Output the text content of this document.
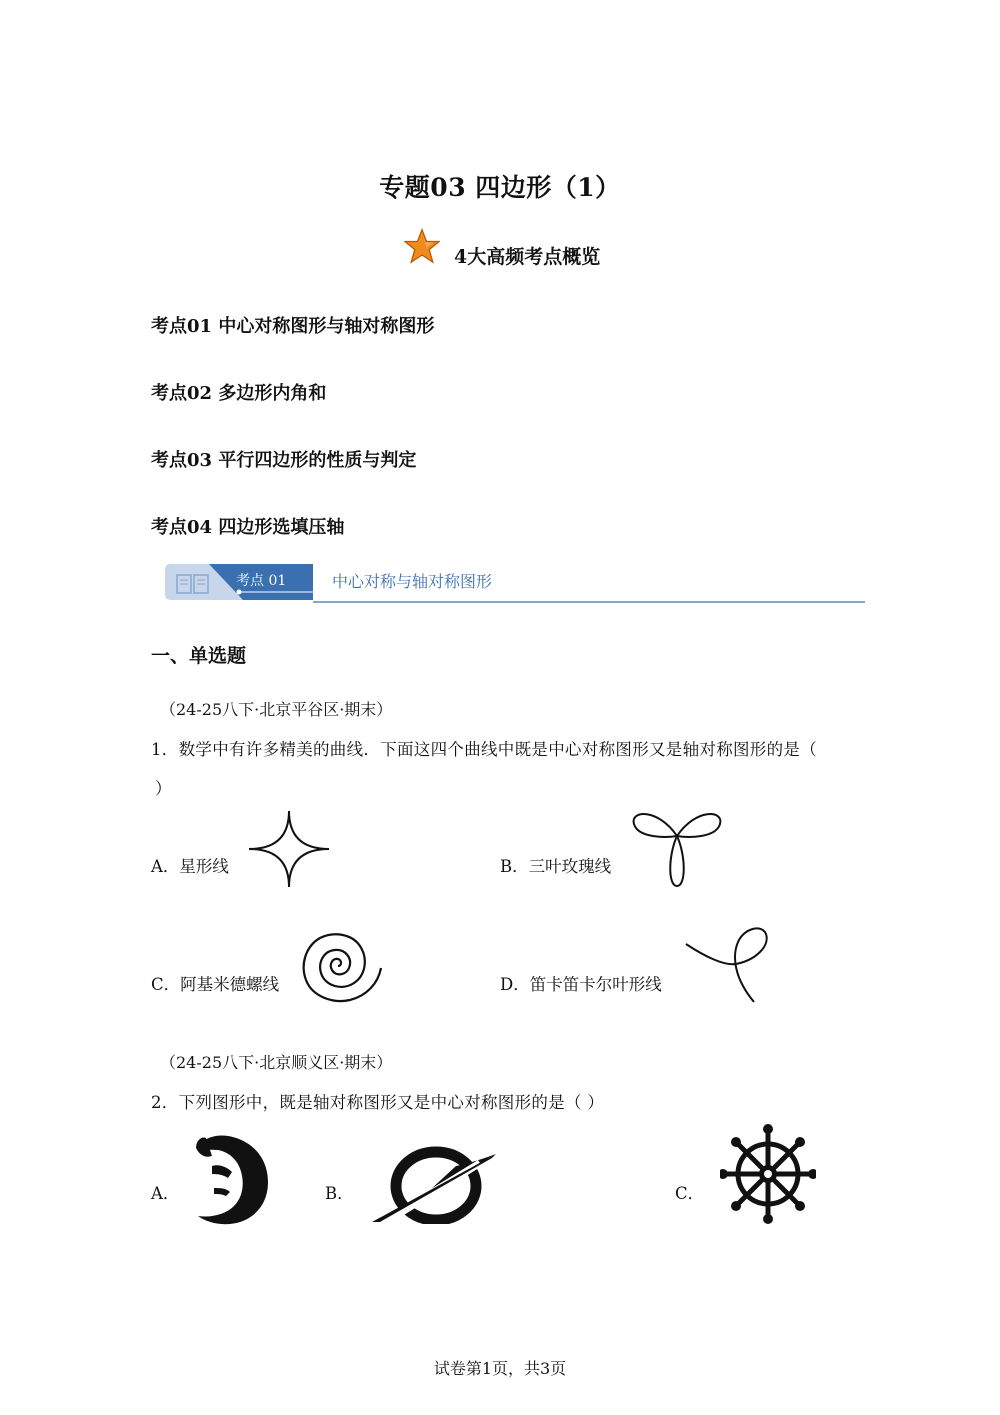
专题03 四边形（1）
4大高频考点概览
考点01 中心对称图形与轴对称图形
考点02 多边形内角和
考点03 平行四边形的性质与判定
考点04 四边形选填压轴
考点 01	中心对称与轴对称图形
一、单选题
（24-25八下·北京平谷区·期末）
1．数学中有许多精美的曲线．下面这四个曲线中既是中心对称图形又是轴对称图形的是（
）
A．星形线	B．三叶玫瑰线
C．阿基米德螺线	D．笛卡笛卡尔叶形线
（24-25八下·北京顺义区·期末）
2．下列图形中，既是轴对称图形又是中心对称图形的是（ ）
A．	B．	C．
试卷第1页，共3页
